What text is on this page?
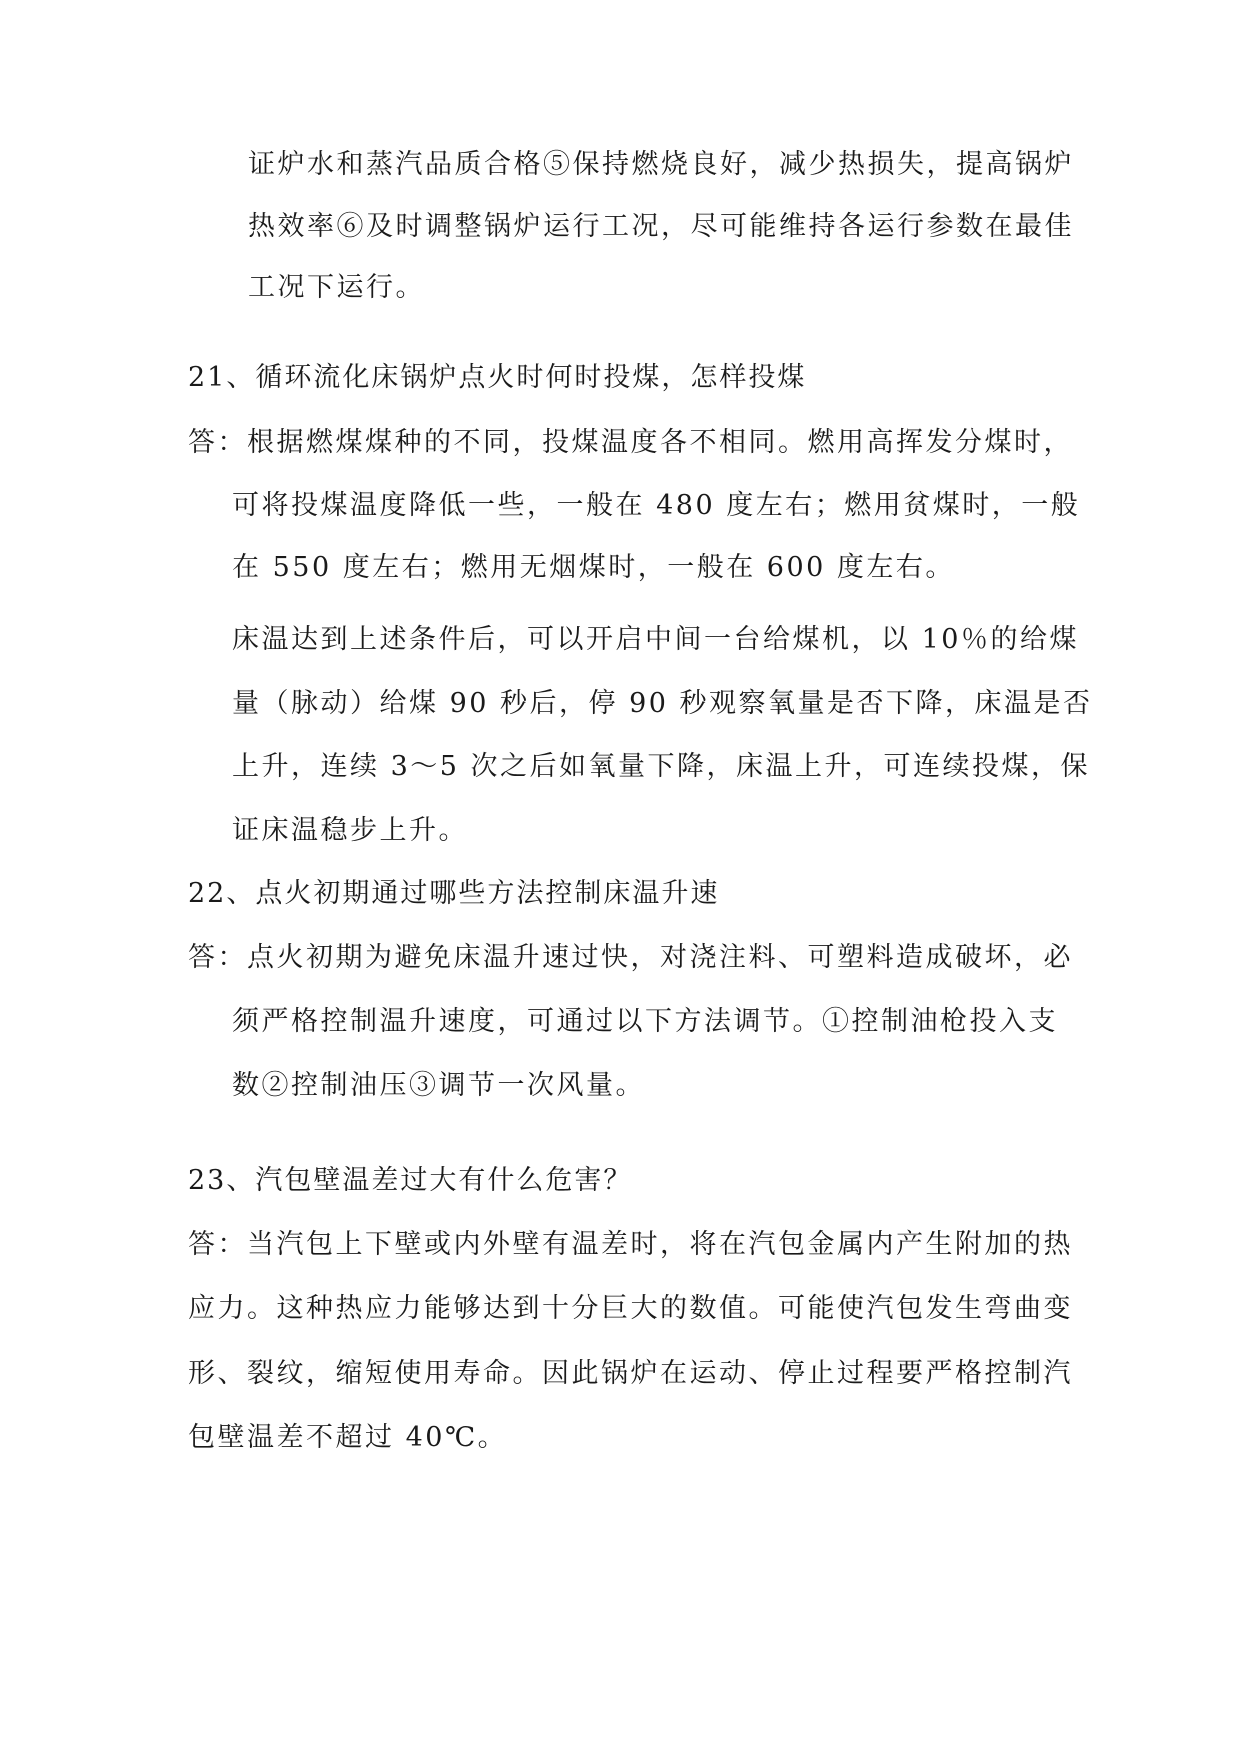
证炉水和蒸汽品质合格⑤保持燃烧良好，减少热损失，提高锅炉
热效率⑥及时调整锅炉运行工况，尽可能维持各运行参数在最佳
工况下运行。
21、循环流化床锅炉点火时何时投煤，怎样投煤
答：根据燃煤煤种的不同，投煤温度各不相同。燃用高挥发分煤时，
可将投煤温度降低一些，一般在 480 度左右；燃用贫煤时，一般
在 550 度左右；燃用无烟煤时，一般在 600 度左右。
床温达到上述条件后，可以开启中间一台给煤机，以 10％的给煤
量（脉动）给煤 90 秒后，停 90 秒观察氧量是否下降，床温是否
上升，连续 3～5 次之后如氧量下降，床温上升，可连续投煤，保
证床温稳步上升。
22、点火初期通过哪些方法控制床温升速
答：点火初期为避免床温升速过快，对浇注料、可塑料造成破坏，必
须严格控制温升速度，可通过以下方法调节。①控制油枪投入支
数②控制油压③调节一次风量。
23、汽包壁温差过大有什么危害？
答：当汽包上下壁或内外壁有温差时，将在汽包金属内产生附加的热
应力。这种热应力能够达到十分巨大的数值。可能使汽包发生弯曲变
形、裂纹，缩短使用寿命。因此锅炉在运动、停止过程要严格控制汽
包壁温差不超过 40℃。
